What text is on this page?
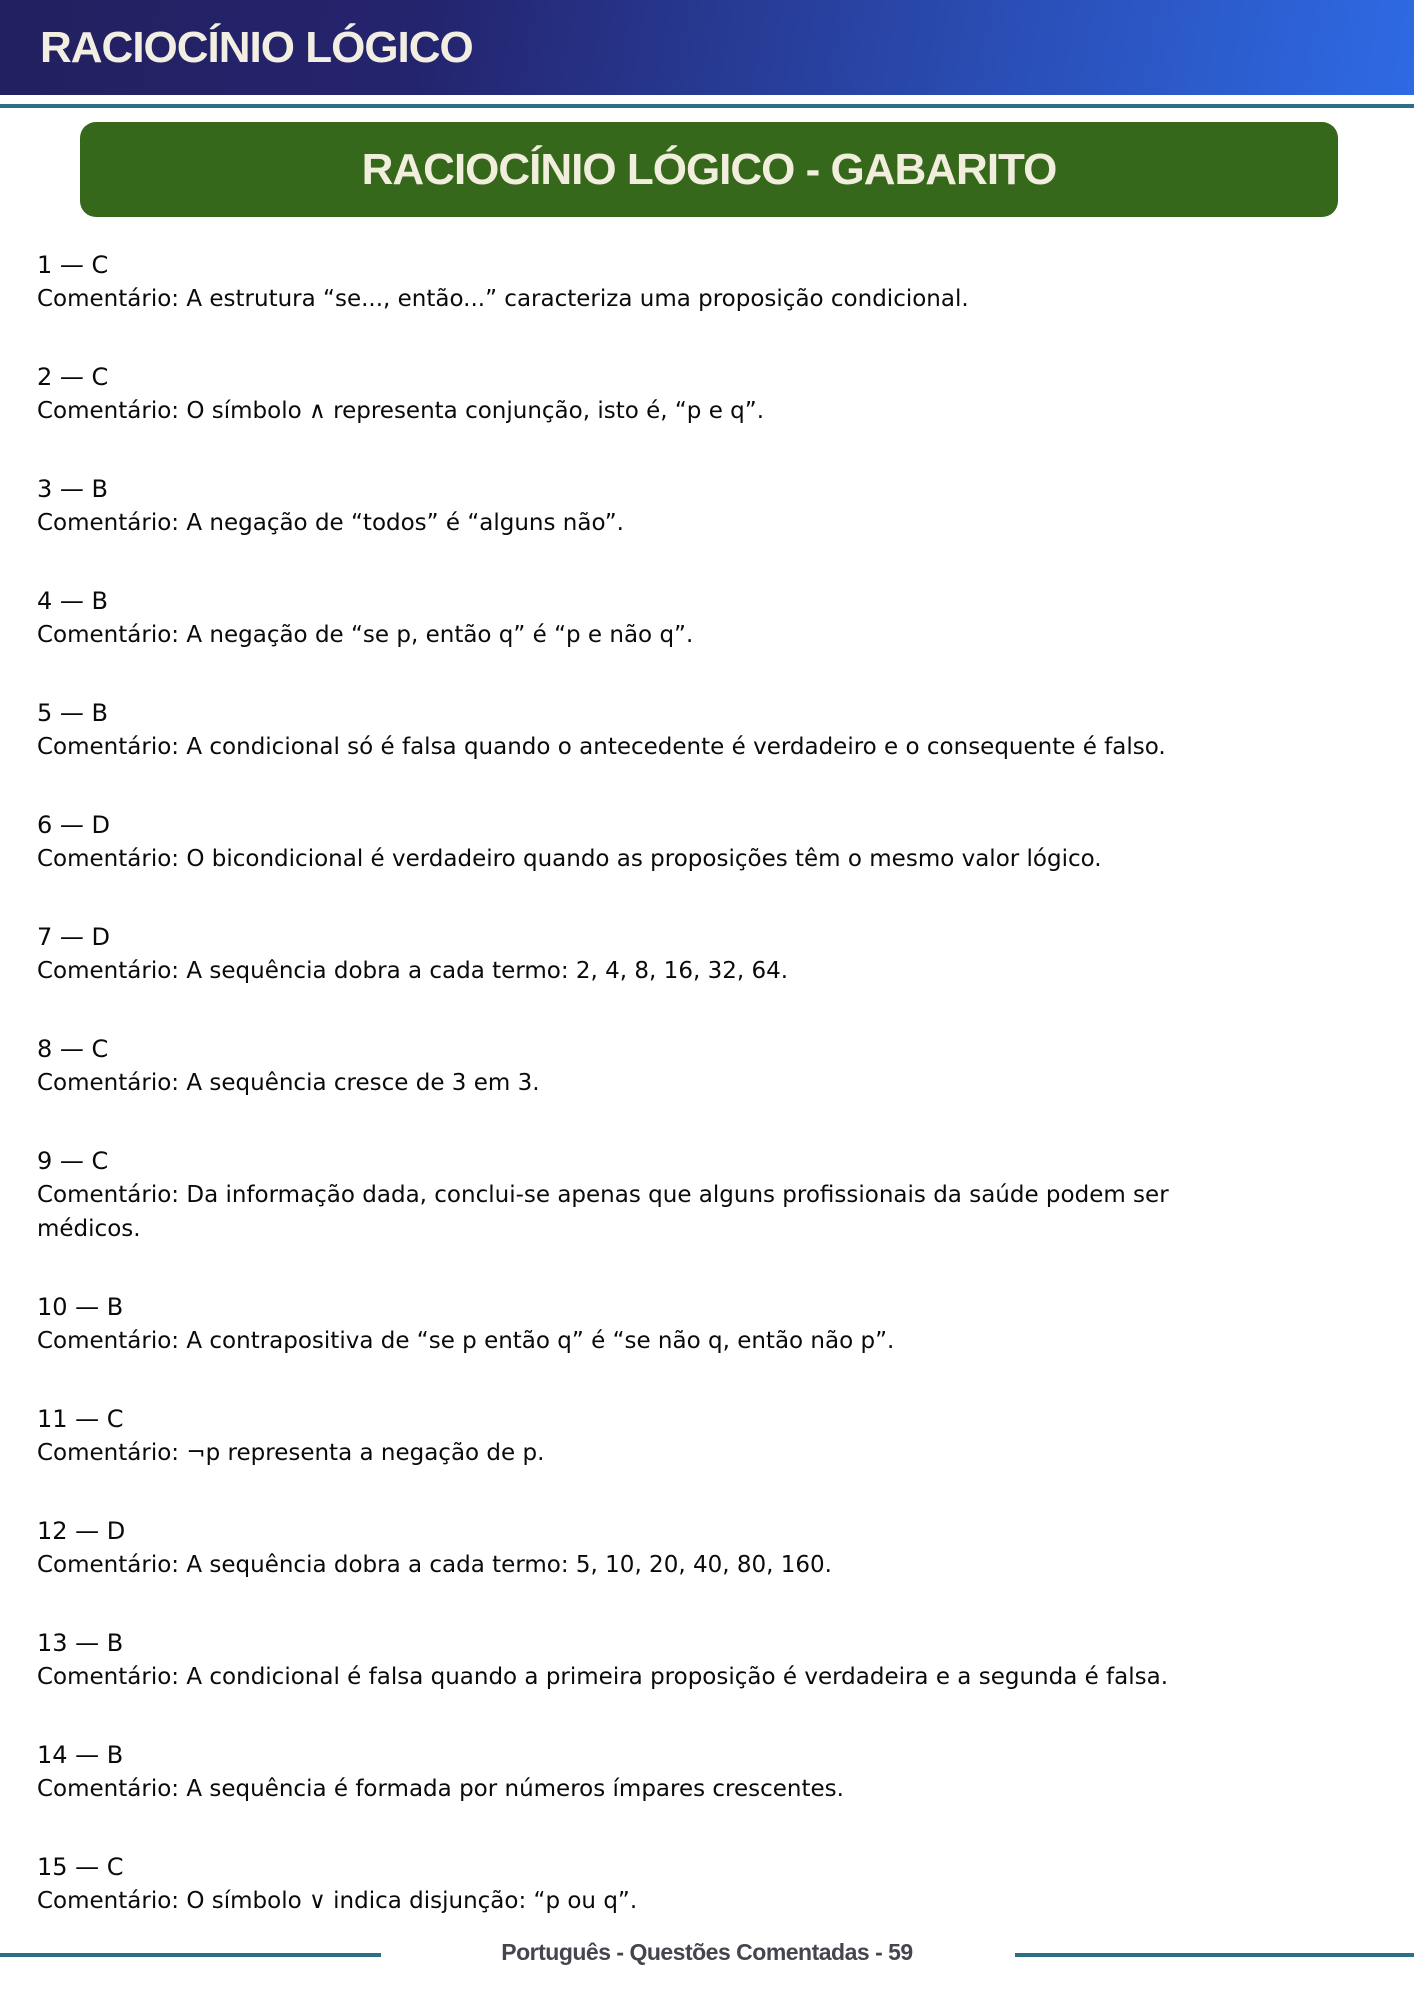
RACIOCÍNIO LÓGICO
RACIOCÍNIO LÓGICO - GABARITO
1 — C
Comentário: A estrutura “se..., então...” caracteriza uma proposição condicional.
2 — C
Comentário: O símbolo ∧ representa conjunção, isto é, “p e q”.
3 — B
Comentário: A negação de “todos” é “alguns não”.
4 — B
Comentário: A negação de “se p, então q” é “p e não q”.
5 — B
Comentário: A condicional só é falsa quando o antecedente é verdadeiro e o consequente é falso.
6 — D
Comentário: O bicondicional é verdadeiro quando as proposições têm o mesmo valor lógico.
7 — D
Comentário: A sequência dobra a cada termo: 2, 4, 8, 16, 32, 64.
8 — C
Comentário: A sequência cresce de 3 em 3.
9 — C
Comentário: Da informação dada, conclui-se apenas que alguns profissionais da saúde podem ser médicos.
10 — B
Comentário: A contrapositiva de “se p então q” é “se não q, então não p”.
11 — C
Comentário: ¬p representa a negação de p.
12 — D
Comentário: A sequência dobra a cada termo: 5, 10, 20, 40, 80, 160.
13 — B
Comentário: A condicional é falsa quando a primeira proposição é verdadeira e a segunda é falsa.
14 — B
Comentário: A sequência é formada por números ímpares crescentes.
15 — C
Comentário: O símbolo ∨ indica disjunção: “p ou q”.
Português - Questões Comentadas - 59
